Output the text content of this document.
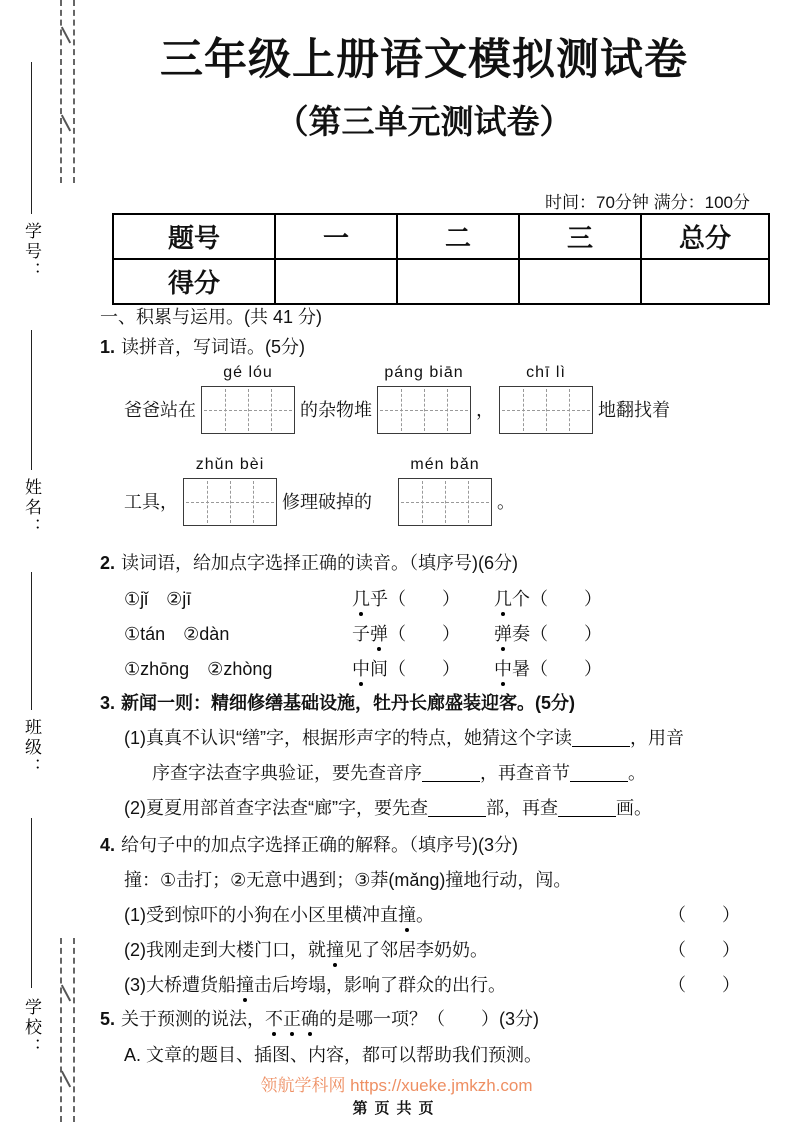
学号：
姓名：
班级：
学校：
三年级上册语文模拟测试卷
（第三单元测试卷）
时间：70分钟 满分：100分
题号	一	二	三	总分
得分				
一、积累与运用。(共 41 分)
1. 读拼音，写词语。(5分)
爸爸站在
gé lóu
的杂物堆
páng biān
，
chī lì
地翻找着
工具，
zhǔn bèi
修理破掉的
mén bǎn
。
2. 读词语，给加点字选择正确的读音。（填序号)(6分)
①jǐ　②jī	几乎（　　）	几个（　　）
①tán　②dàn	子弹（　　）	弹奏（　　）
①zhōng　②zhòng	中间（　　）	中暑（　　）
3. 新闻一则：精细修缮基础设施，牡丹长廊盛装迎客。(5分)
(1)真真不认识“缮”字，根据形声字的特点，她猜这个字读	，用音
序查字法查字典验证，要先查音序	，再查音节	。
(2)夏夏用部首查字法查“廊”字，要先查	部，再查	画。
4. 给句子中的加点字选择正确的解释。（填序号)(3分)
撞：①击打；②无意中遇到；③莽(mǎng)撞地行动，闯。
(1)受到惊吓的小狗在小区里横冲直撞。	（　　）
(2)我刚走到大楼门口，就撞见了邻居李奶奶。	（　　）
(3)大桥遭货船撞击后垮塌，影响了群众的出行。	（　　）
5. 关于预测的说法，不正确的是哪一项？（　　）(3分)
A. 文章的题目、插图、内容，都可以帮助我们预测。
领航学科网 https://xueke.jmkzh.com
第页共页
